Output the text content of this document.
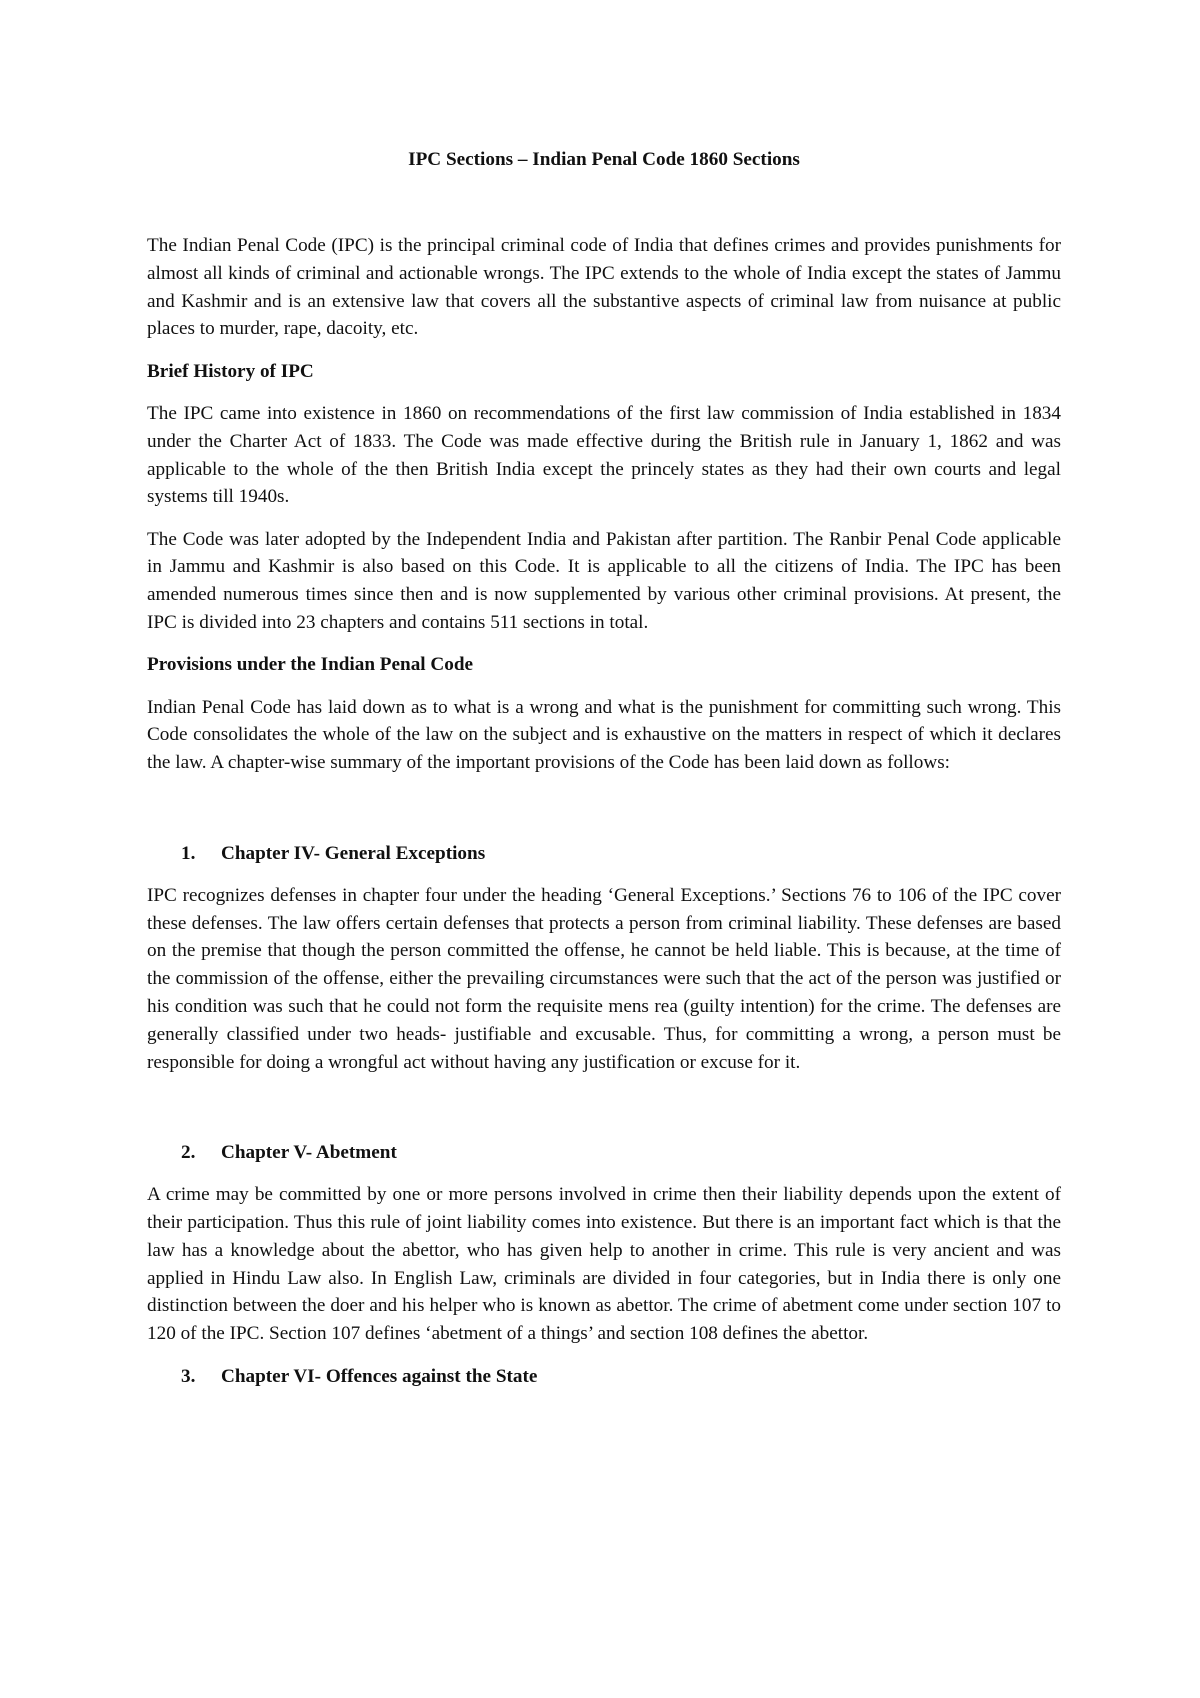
IPC Sections – Indian Penal Code 1860 Sections

The Indian Penal Code (IPC) is the principal criminal code of India that defines crimes and provides punishments for almost all kinds of criminal and actionable wrongs. The IPC extends to the whole of India except the states of Jammu and Kashmir and is an extensive law that covers all the substantive aspects of criminal law from nuisance at public places to murder, rape, dacoity, etc.

Brief History of IPC

The IPC came into existence in 1860 on recommendations of the first law commission of India established in 1834 under the Charter Act of 1833. The Code was made effective during the British rule in January 1, 1862 and was applicable to the whole of the then British India except the princely states as they had their own courts and legal systems till 1940s.

The Code was later adopted by the Independent India and Pakistan after partition. The Ranbir Penal Code applicable in Jammu and Kashmir is also based on this Code. It is applicable to all the citizens of India. The IPC has been amended numerous times since then and is now supplemented by various other criminal provisions. At present, the IPC is divided into 23 chapters and contains 511 sections in total.

Provisions under the Indian Penal Code

Indian Penal Code has laid down as to what is a wrong and what is the punishment for committing such wrong. This Code consolidates the whole of the law on the subject and is exhaustive on the matters in respect of which it declares the law. A chapter-wise summary of the important provisions of the Code has been laid down as follows:

1. Chapter IV- General Exceptions

IPC recognizes defenses in chapter four under the heading ‘General Exceptions.’ Sections 76 to 106 of the IPC cover these defenses. The law offers certain defenses that protects a person from criminal liability. These defenses are based on the premise that though the person committed the offense, he cannot be held liable. This is because, at the time of the commission of the offense, either the prevailing circumstances were such that the act of the person was justified or his condition was such that he could not form the requisite mens rea (guilty intention) for the crime. The defenses are generally classified under two heads- justifiable and excusable. Thus, for committing a wrong, a person must be responsible for doing a wrongful act without having any justification or excuse for it.

2. Chapter V- Abetment

A crime may be committed by one or more persons involved in crime then their liability depends upon the extent of their participation. Thus this rule of joint liability comes into existence. But there is an important fact which is that the law has a knowledge about the abettor, who has given help to another in crime. This rule is very ancient and was applied in Hindu Law also. In English Law, criminals are divided in four categories, but in India there is only one distinction between the doer and his helper who is known as abettor. The crime of abetment come under section 107 to 120 of the IPC. Section 107 defines ‘abetment of a things’ and section 108 defines the abettor.

3. Chapter VI- Offences against the State
